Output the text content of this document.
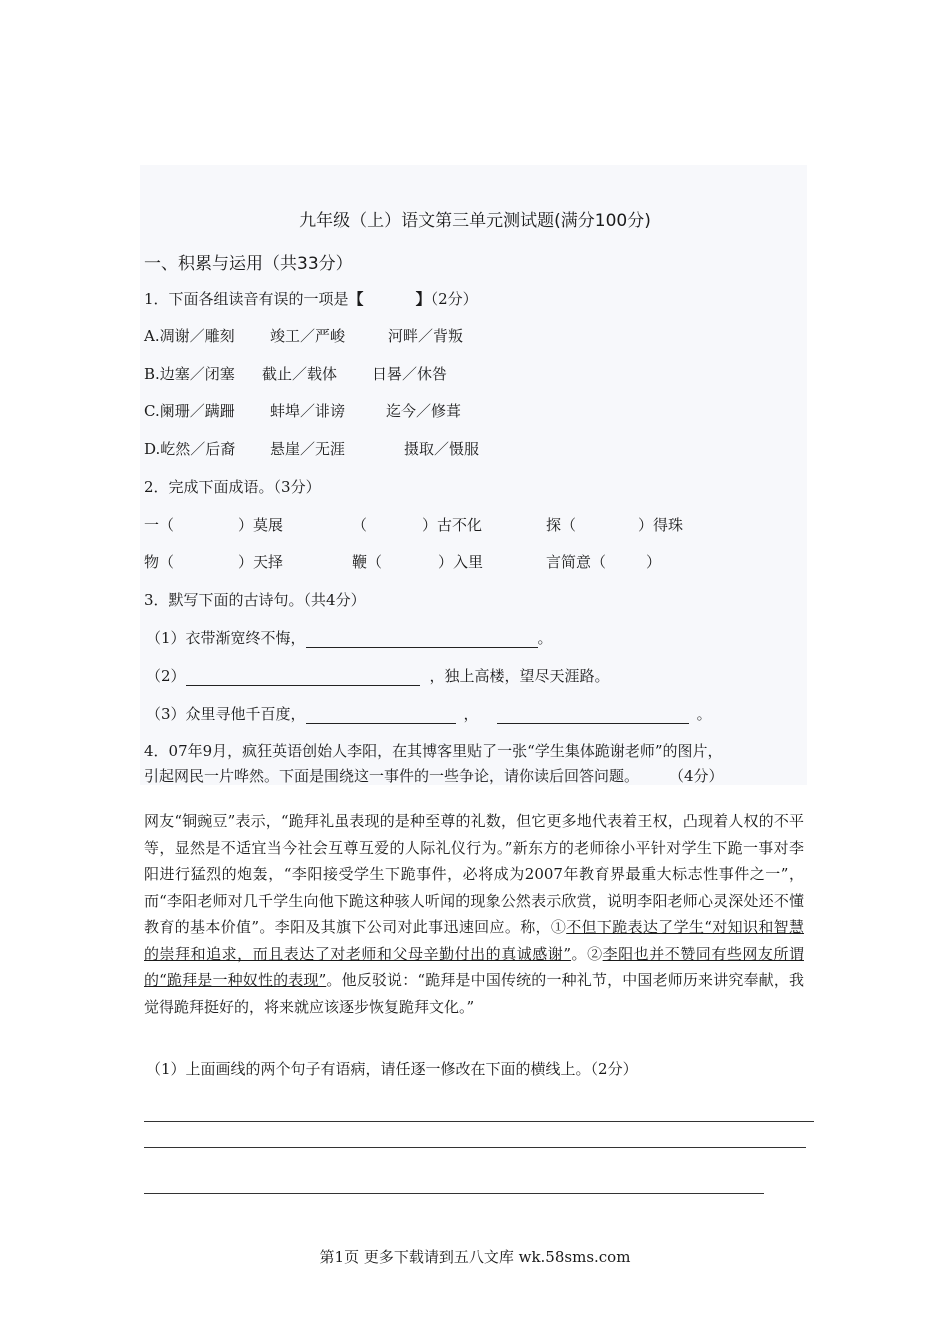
九年级（上）语文第三单元测试题(满分100分)
一、积累与运用（共33分）
1．下面各组读音有误的一项是【	】（2分）
A.凋谢／雕刻 竣工／严峻	河畔／背叛
B.边塞／闭塞 截止／载体 日晷／休咎
C.阑珊／蹒跚 蚌埠／诽谤	迄今／修葺
D.屹然／后裔 悬崖／无涯	摄取／慑服
2．完成下面成语。（3分）
一（	）莫展	（	）古不化	探（	）得珠
物（	）天择	鞭（	）入里	言简意（	）
3．默写下面的古诗句。（共4分）
（1）衣带渐宽终不悔，	。
（2）	，独上高楼，望尽天涯路。
（3）众里寻他千百度，	，	。
4．07年9月，疯狂英语创始人李阳，在其博客里贴了一张“学生集体跪谢老师”的图片，
引起网民一片哗然。下面是围绕这一事件的一些争论，请你读后回答问题。 （4分）
网友“铜豌豆”表示，“跪拜礼虽表现的是种至尊的礼数，但它更多地代表着王权，凸现着人权的不平等，显然是不适宜当今社会互尊互爱的人际礼仪行为。”新东方的老师徐小平针对学生下跪一事对李阳进行猛烈的炮轰，“李阳接受学生下跪事件，必将成为2007年教育界最重大标志性事件之一”，而“李阳老师对几千学生向他下跪这种骇人听闻的现象公然表示欣赏，说明李阳老师心灵深处还不懂教育的基本价值”。李阳及其旗下公司对此事迅速回应。称，①不但下跪表达了学生“对知识和智慧的崇拜和追求，而且表达了对老师和父母辛勤付出的真诚感谢”。②李阳也并不赞同有些网友所谓的“跪拜是一种奴性的表现”。他反驳说：“跪拜是中国传统的一种礼节，中国老师历来讲究奉献，我觉得跪拜挺好的，将来就应该逐步恢复跪拜文化。”
（1）上面画线的两个句子有语病，请任逐一修改在下面的横线上。（2分）
第1页 更多下载请到五八文库 wk.58sms.com
